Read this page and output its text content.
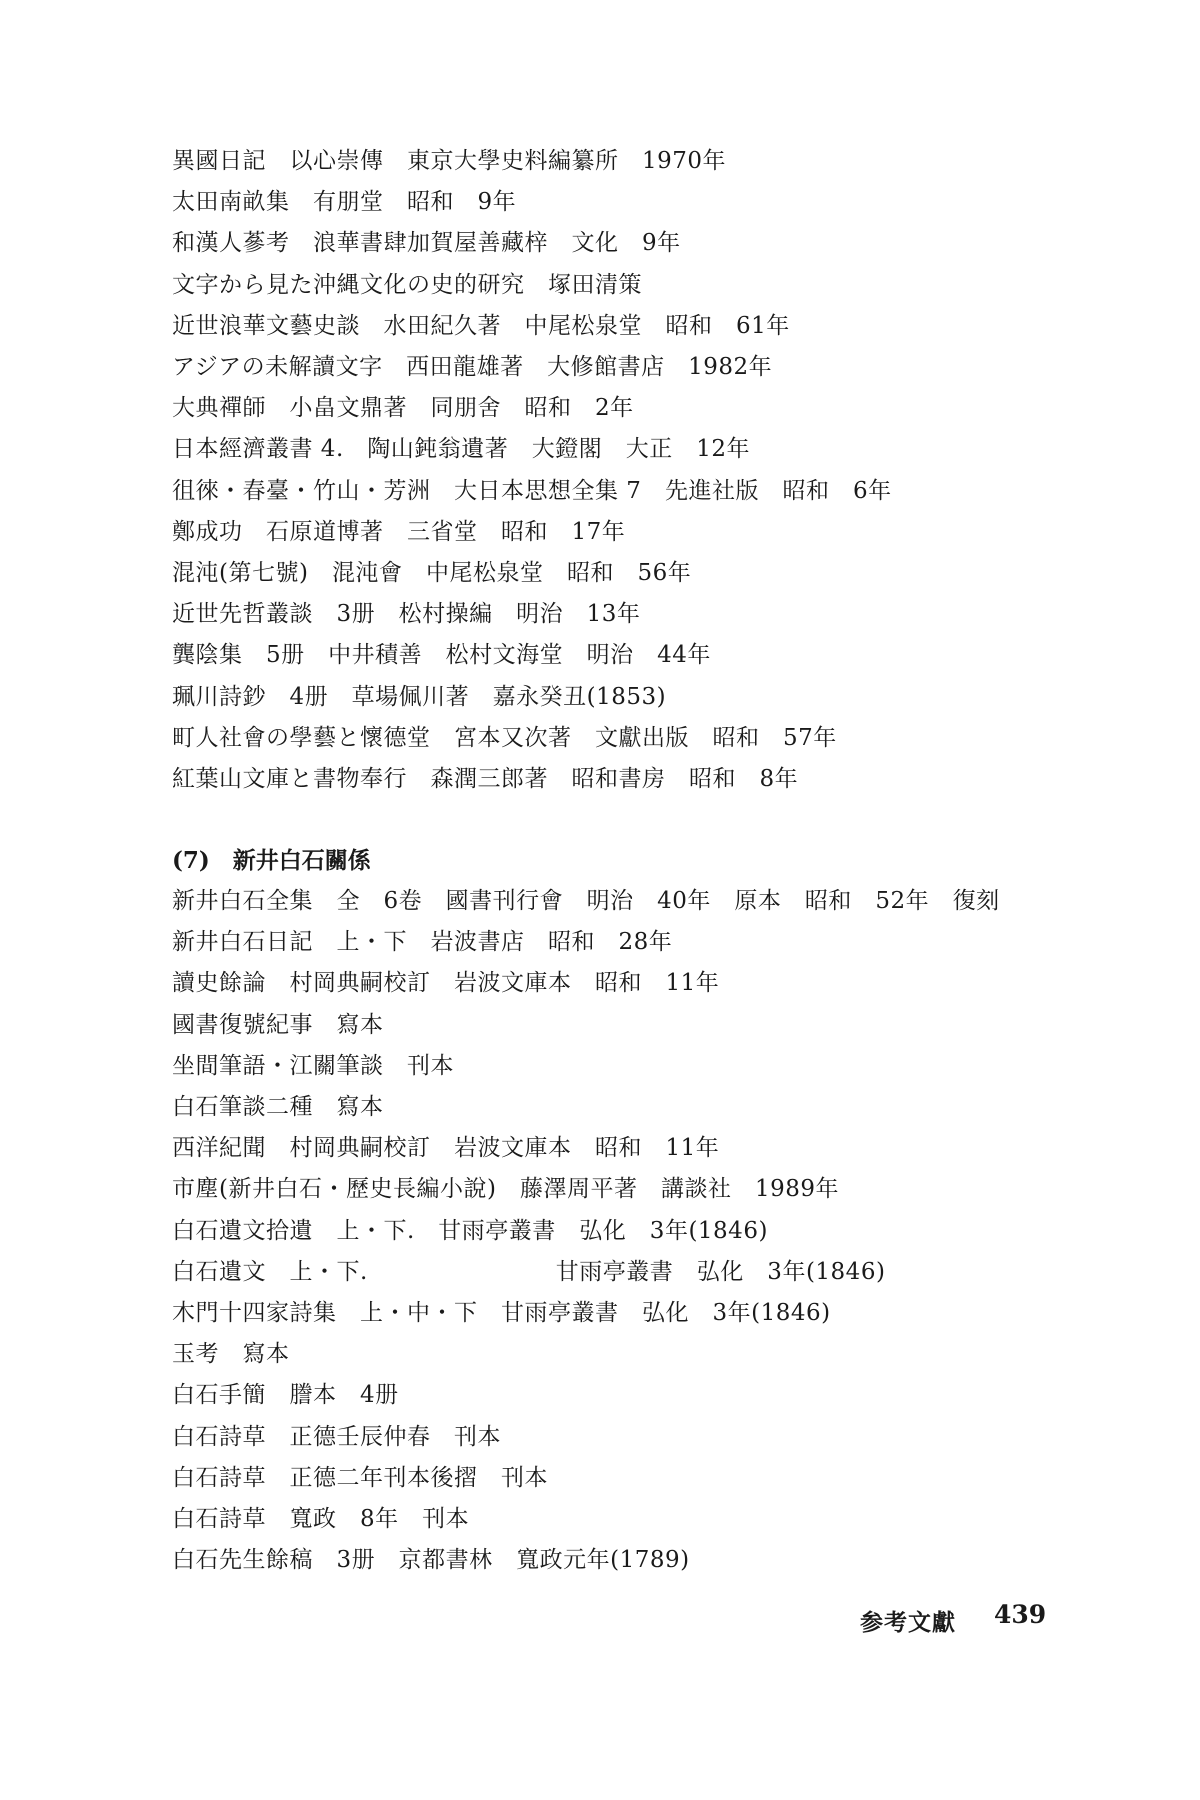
異國日記　以心崇傳　東京大學史料編纂所　1970年
太田南畝集　有朋堂　昭和　9年
和漢人蔘考　浪華書肆加賀屋善藏梓　文化　9年
文字から見た沖縄文化の史的研究　塚田清策
近世浪華文藝史談　水田紀久著　中尾松泉堂　昭和　61年
アジアの未解讀文字　西田龍雄著　大修館書店　1982年
大典禪師　小畠文鼎著　同朋舍　昭和　2年
日本經濟叢書 4.　陶山鈍翁遺著　大鐙閣　大正　12年
徂徠・春臺・竹山・芳洲　大日本思想全集 7　先進社版　昭和　6年
鄭成功　石原道博著　三省堂　昭和　17年
混沌(第七號)　混沌會　中尾松泉堂　昭和　56年
近世先哲叢談　3册　松村操編　明治　13年
龔陰集　5册　中井積善　松村文海堂　明治　44年
珮川詩鈔　4册　草場佩川著　嘉永癸丑(1853)
町人社會の學藝と懷德堂　宮本又次著　文獻出版　昭和　57年
紅葉山文庫と書物奉行　森潤三郎著　昭和書房　昭和　8年
(7)　新井白石關係
新井白石全集　全　6卷　國書刊行會　明治　40年　原本　昭和　52年　復刻
新井白石日記　上・下　岩波書店　昭和　28年
讀史餘論　村岡典嗣校訂　岩波文庫本　昭和　11年
國書復號紀事　寫本
坐間筆語・江關筆談　刊本
白石筆談二種　寫本
西洋紀聞　村岡典嗣校訂　岩波文庫本　昭和　11年
市塵(新井白石・歷史長編小說)　藤澤周平著　講談社　1989年
白石遺文拾遺　上・下.　甘雨亭叢書　弘化　3年(1846)
白石遺文　上・下.　　　　　　　　甘雨亭叢書　弘化　3年(1846)
木門十四家詩集　上・中・下　甘雨亭叢書　弘化　3年(1846)
玉考　寫本
白石手簡　謄本　4册
白石詩草　正德壬辰仲春　刊本
白石詩草　正德二年刊本後摺　刊本
白石詩草　寬政　8年　刊本
白石先生餘稿　3册　京都書林　寬政元年(1789)
参考文獻 439
